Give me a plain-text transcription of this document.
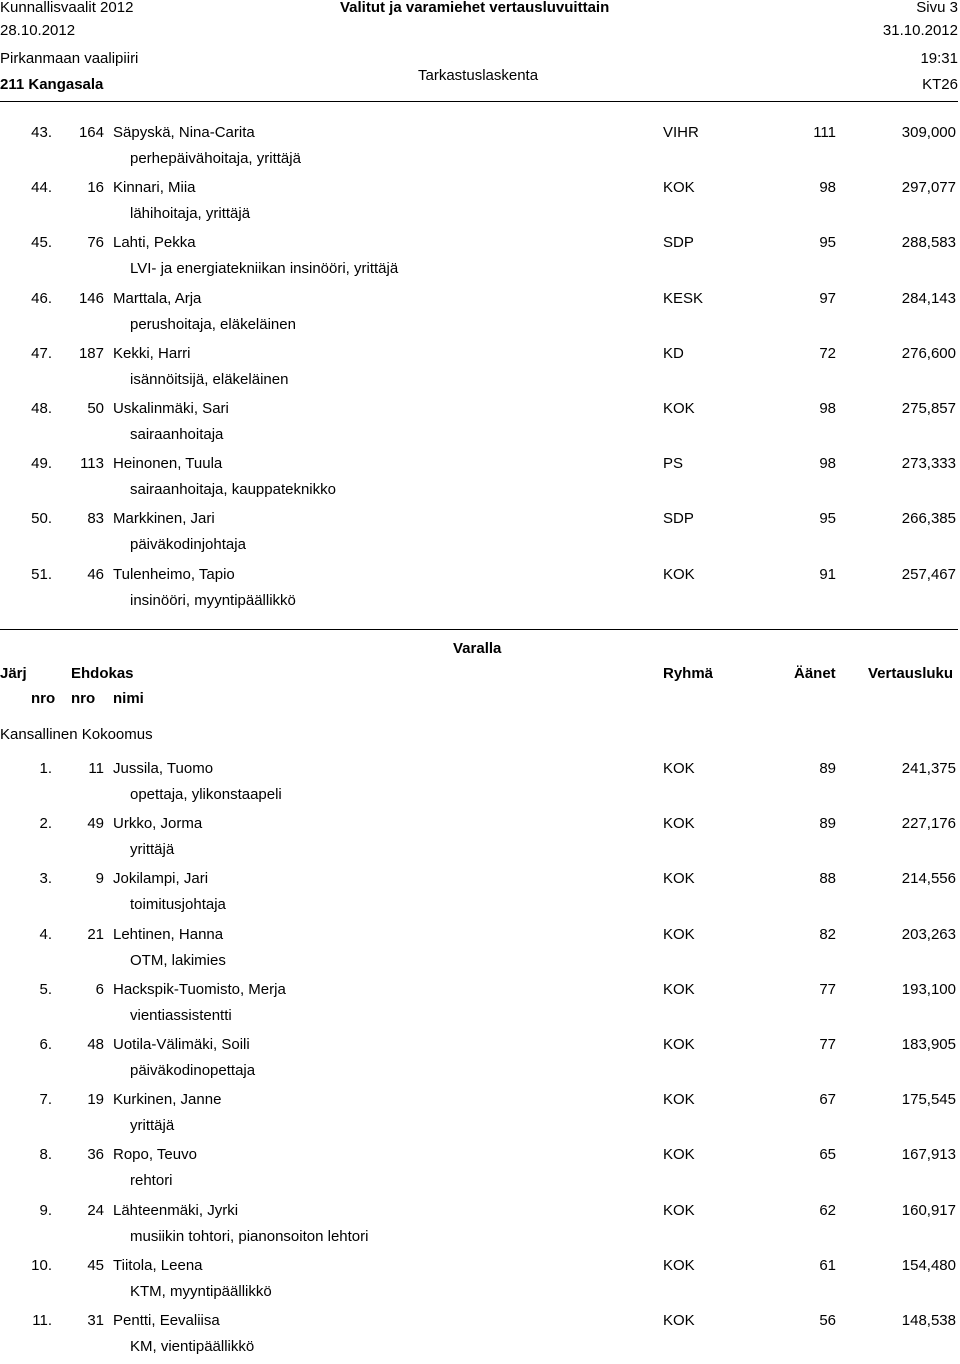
Kunnallisvaalit 2012	Valitut ja varamiehet vertausluvuittain	Sivu 3
28.10.2012	31.10.2012
Pirkanmaan vaalipiiri	19:31
Tarkastuslaskenta
211 Kangasala	KT26
43.	164 Säpyskä, Nina-Carita
perhepäivähoitaja, yrittäjä
VIHR	111	309,000
44.	16 Kinnari, Miia
lähihoitaja, yrittäjä
KOK	98	297,077
45.	76 Lahti, Pekka
LVI- ja energiatekniikan insinööri, yrittäjä
SDP	95	288,583
46.	146 Marttala, Arja
perushoitaja, eläkeläinen
KESK	97	284,143
47.	187 Kekki, Harri
isännöitsijä, eläkeläinen
KD	72	276,600
48.	50 Uskalinmäki, Sari
sairaanhoitaja
KOK	98	275,857
49.	113 Heinonen, Tuula
sairaanhoitaja, kauppateknikko
PS	98	273,333
50.	83 Markkinen, Jari
päiväkodinjohtaja
SDP	95	266,385
51.	46 Tulenheimo, Tapio
insinööri, myyntipäällikkö
KOK	91	257,467
Varalla
Järj	Ehdokas	Ryhmä	Äänet Vertausluku
nro nro nimi
Kansallinen Kokoomus
1.	11 Jussila, Tuomo
opettaja, ylikonstaapeli
KOK	89	241,375
2.	49 Urkko, Jorma
yrittäjä
KOK	89	227,176
3.	9 Jokilampi, Jari
toimitusjohtaja
KOK	88	214,556
4.	21 Lehtinen, Hanna
OTM, lakimies
KOK	82	203,263
5.	6 Hackspik-Tuomisto, Merja
vientiassistentti
KOK	77	193,100
6.	48 Uotila-Välimäki, Soili
päiväkodinopettaja
KOK	77	183,905
7.	19 Kurkinen, Janne
yrittäjä
KOK	67	175,545
8.	36 Ropo, Teuvo
rehtori
KOK	65	167,913
9.	24 Lähteenmäki, Jyrki
musiikin tohtori, pianonsoiton lehtori
KOK	62	160,917
10.	45 Tiitola, Leena
KTM, myyntipäällikkö
KOK	61	154,480
11.	31 Pentti, Eevaliisa
KM, vientipäällikkö
KOK	56	148,538
